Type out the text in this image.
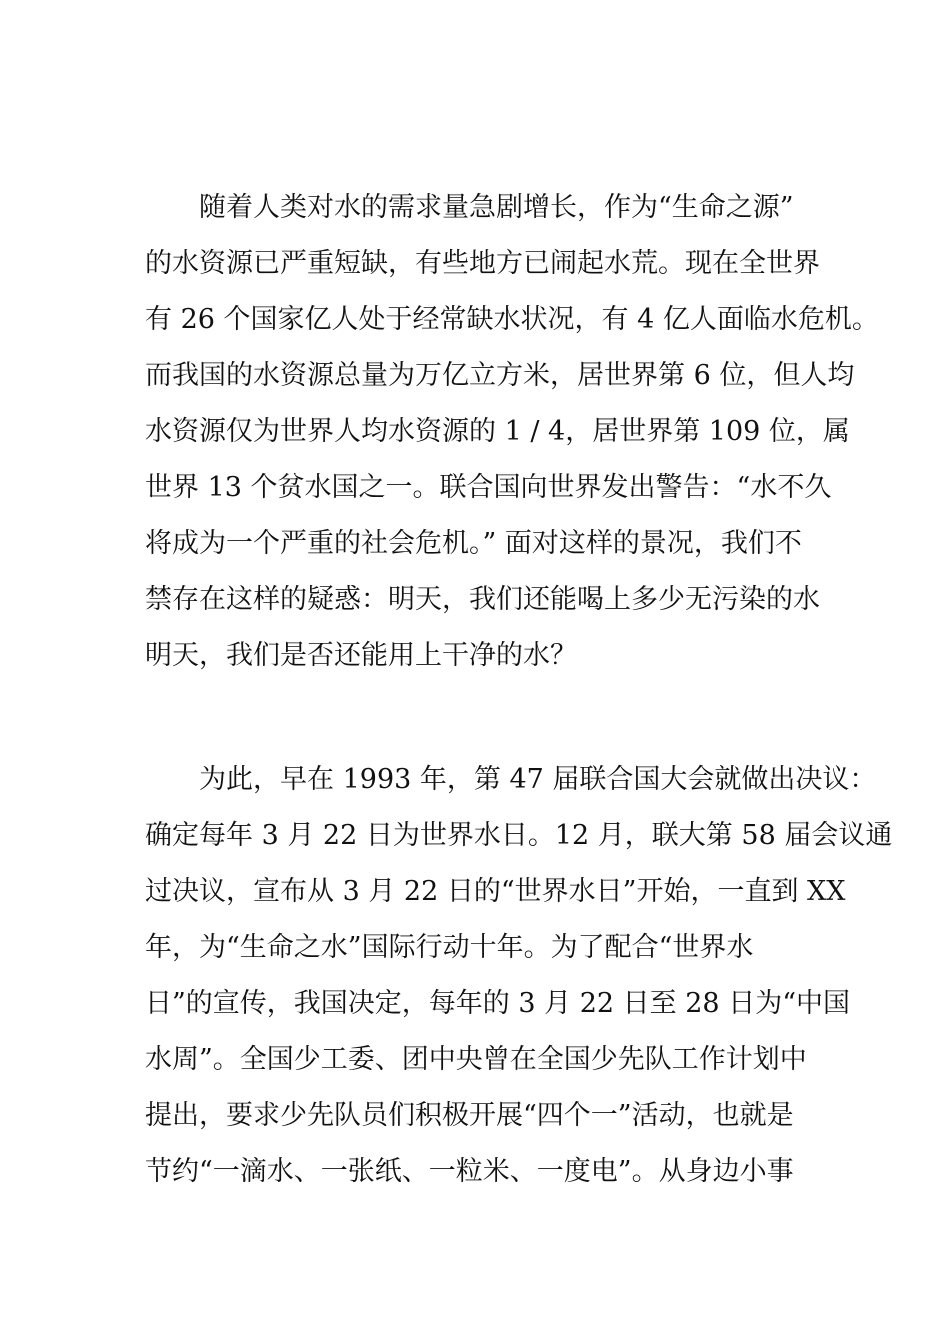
　　随着人类对水的需求量急剧增长，作为“生命之源”
的水资源已严重短缺，有些地方已闹起水荒。现在全世界
有 26 个国家亿人处于经常缺水状况，有 4 亿人面临水危机。
而我国的水资源总量为万亿立方米，居世界第 6 位，但人均
水资源仅为世界人均水资源的 1 / 4，居世界第 109 位，属
世界 13 个贫水国之一。联合国向世界发出警告：“水不久
将成为一个严重的社会危机。” 面对这样的景况，我们不
禁存在这样的疑惑：明天，我们还能喝上多少无污染的水
明天，我们是否还能用上干净的水？
　　为此，早在 1993 年，第 47 届联合国大会就做出决议：
确定每年 3 月 22 日为世界水日。12 月，联大第 58 届会议通
过决议，宣布从 3 月 22 日的“世界水日”开始，一直到 XX
年，为“生命之水”国际行动十年。为了配合“世界水
日”的宣传，我国决定，每年的 3 月 22 日至 28 日为“中国
水周”。全国少工委、团中央曾在全国少先队工作计划中
提出，要求少先队员们积极开展“四个一”活动，也就是
节约“一滴水、一张纸、一粒米、一度电”。从身边小事
